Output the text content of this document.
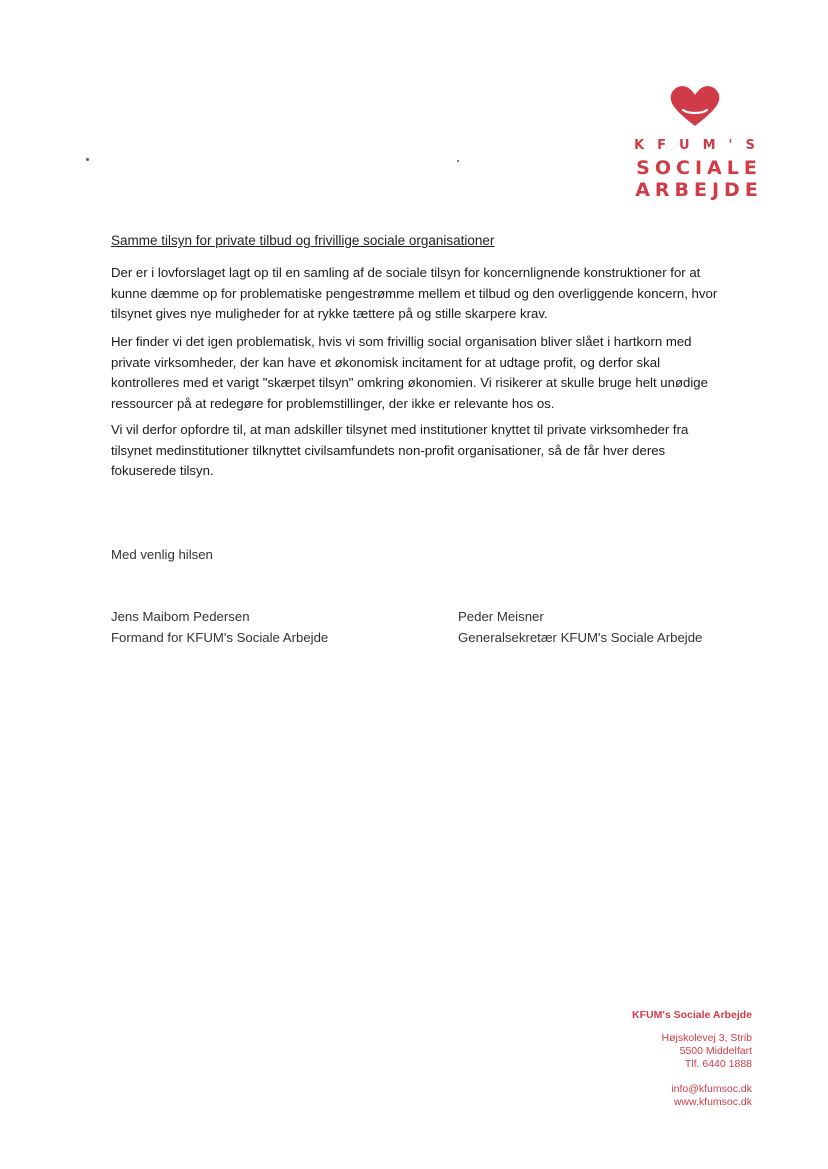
KFUM'S
SOCIALE
ARBEJDE
Samme tilsyn for private tilbud og frivillige sociale organisationer

Der er i lovforslaget lagt op til en samling af de sociale tilsyn for koncernlignende konstruktioner for at kunne dæmme op for problematiske pengestrømme mellem et tilbud og den overliggende koncern, hvor tilsynet gives nye muligheder for at rykke tættere på og stille skarpere krav.

Her finder vi det igen problematisk, hvis vi som frivillig social organisation bliver slået i hartkorn med private virksomheder, der kan have et økonomisk incitament for at udtage profit, og derfor skal kontrolleres med et varigt "skærpet tilsyn" omkring økonomien. Vi risikerer at skulle bruge helt unødige ressourcer på at redegøre for problemstillinger, der ikke er relevante hos os.

Vi vil derfor opfordre til, at man adskiller tilsynet med institutioner knyttet til private virksomheder fra tilsynet medinstitutioner tilknyttet civilsamfundets non-profit organisationer, så de får hver deres fokuserede tilsyn.

Med venlig hilsen
Jens Maibom Pedersen
Formand for KFUM's Sociale Arbejde
Peder Meisner
Generalsekretær KFUM's Sociale Arbejde
KFUM's Sociale Arbejde
Højskolevej 3, Strib
5500 Middelfart
Tlf. 6440 1888
info@kfumsoc.dk
www.kfumsoc.dk
